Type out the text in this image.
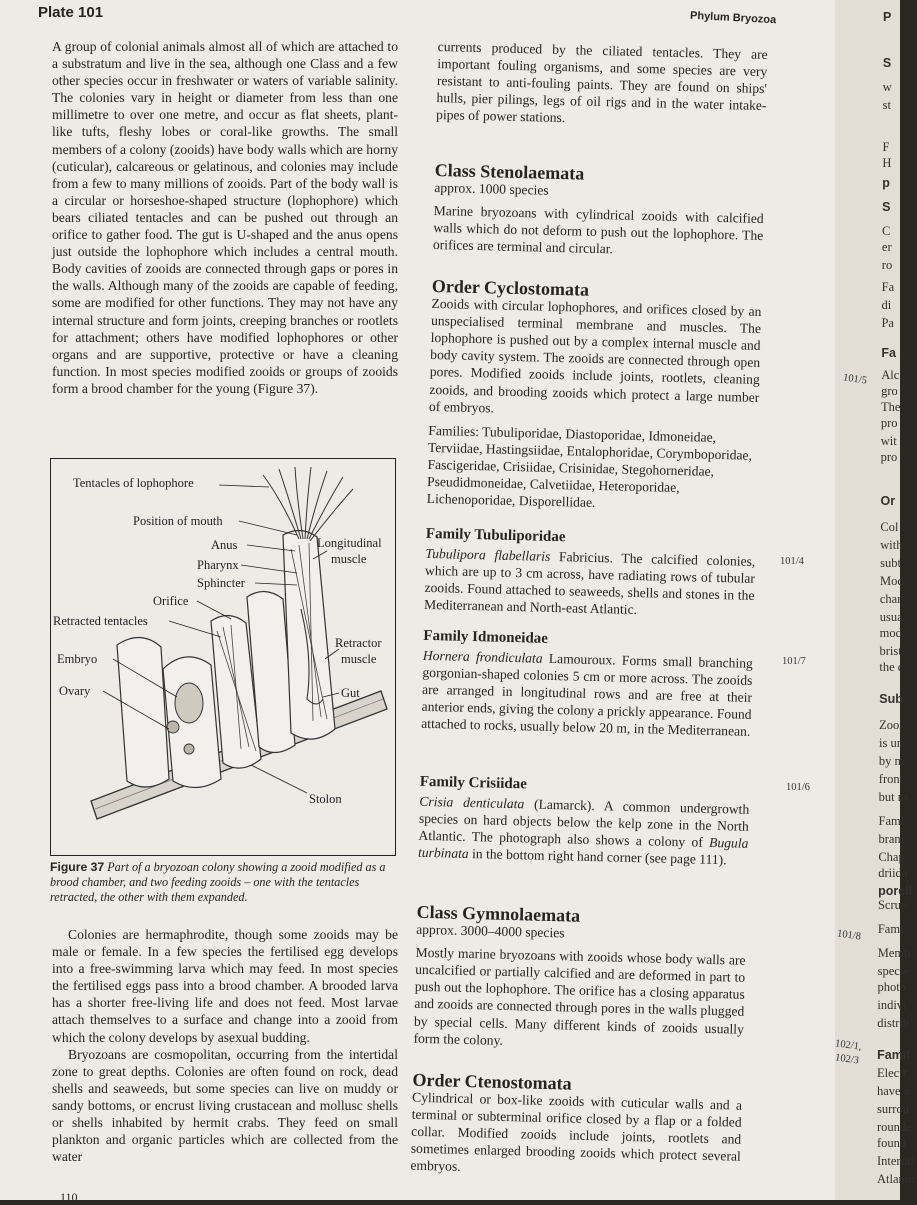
Plate 101	Phylum Bryozoa

A group of colonial animals almost all of which are attached to a substratum and live in the sea, although one Class and a few other species occur in freshwater or waters of variable salinity. The colonies vary in height or diameter from less than one millimetre to over one metre, and occur as flat sheets, plant-like tufts, fleshy lobes or coral-like growths. The small members of a colony (zooids) have body walls which are horny (cuticular), calcareous or gelatinous, and colonies may include from a few to many millions of zooids. Part of the body wall is a circular or horseshoe-shaped structure (lophophore) which bears ciliated tentacles and can be pushed out through an orifice to gather food. The gut is U-shaped and the anus opens just outside the lophophore which includes a central mouth. Body cavities of zooids are connected through gaps or pores in the walls. Although many of the zooids are capable of feeding, some are modified for other functions. They may not have any internal structure and form joints, creeping branches or rootlets for attachment; others have modified lophophores or other organs and are supportive, protective or have a cleaning function. In most species modified zooids or groups of zooids form a brood chamber for the young (Figure 37).

Tentacles of lophophore
Position of mouth
Anus
Pharynx
Sphincter
Orifice
Retracted tentacles
Embryo
Ovary
Longitudinal
muscle
Retractor
muscle
Gut
Stolon
Figure 37 Part of a bryozoan colony showing a zooid modified as a brood chamber, and two feeding zooids – one with the tentacles retracted, the other with them expanded.

Colonies are hermaphrodite, though some zooids may be male or female. In a few species the fertilised egg develops into a free-swimming larva which may feed. In most species the fertilised eggs pass into a brood chamber. A brooded larva has a shorter free-living life and does not feed. Most larvae attach themselves to a surface and change into a zooid from which the colony develops by asexual budding.

Bryozoans are cosmopolitan, occurring from the intertidal zone to great depths. Colonies are often found on rock, dead shells and seaweeds, but some species can live on muddy or sandy bottoms, or encrust living crustacean and mollusc shells or shells inhabited by hermit crabs. They feed on small plankton and organic particles which are collected from the water

currents produced by the ciliated tentacles. They are important fouling organisms, and some species are very resistant to anti-fouling paints. They are found on ships' hulls, pier pilings, legs of oil rigs and in the water intake-pipes of power stations.

Class Stenolaemata
approx. 1000 species

Marine bryozoans with cylindrical zooids with calcified walls which do not deform to push out the lophophore. The orifices are terminal and circular.

Order Cyclostomata

Zooids with circular lophophores, and orifices closed by an unspecialised terminal membrane and muscles. The lophophore is pushed out by a complex internal muscle and body cavity system. The zooids are connected through open pores. Modified zooids include joints, rootlets, cleaning zooids, and brooding zooids which protect a large number of embryos.

Families: Tubuliporidae, Diastoporidae, Idmoneidae, Terviidae, Hastingsiidae, Entalophoridae, Corymboporidae, Fascigeridae, Crisiidae, Crisinidae, Stegohorneridae, Pseudidmoneidae, Calvetiidae, Heteroporidae, Lichenoporidae, Disporellidae.

Family Tubuliporidae

Tubulipora flabellaris Fabricius. The calcified colonies, which are up to 3 cm across, have radiating rows of tubular zooids. Found attached to seaweeds, shells and stones in the Mediterranean and North-east Atlantic.

Family Idmoneidae

Hornera frondiculata Lamouroux. Forms small branching gorgonian-shaped colonies 5 cm or more across. The zooids are arranged in longitudinal rows and are free at their anterior ends, giving the colony a prickly appearance. Found attached to rocks, usually below 20 m, in the Mediterranean.

Family Crisiidae

Crisia denticulata (Lamarck). A common undergrowth species on hard objects below the kelp zone in the North Atlantic. The photograph also shows a colony of Bugula turbinata in the bottom right hand corner (see page 111).

Class Gymnolaemata
approx. 3000–4000 species

Mostly marine bryozoans with zooids whose body walls are uncalcified or partially calcified and are deformed in part to push out the lophophore. The orifice has a closing apparatus and zooids are connected through pores in the walls plugged by special cells. Many different kinds of zooids usually form the colony.

Order Ctenostomata

Cylindrical or box-like zooids with cuticular walls and a terminal or subterminal orifice closed by a flap or a folded collar. Modified zooids include joints, rootlets and sometimes enlarged brooding zooids which protect several embryos.

101/4
101/7
101/6
110
101/5
101/8
102/1,
102/3
P
S
w
st
F
H
p
S
C
er
ro
Fa
di
Pa
Fa
Alc
gro
The
pro
wit
pro
Or
Col
with
subt
Moc
char
usua
mod
brist
the c
Sub
Zooi
is un
by m
front
but m
Fami
brani
Chap
driida
porell
Scrup
Fami
Memb
specie
photo
indivi
distrib
Famil
Electr
have a
surrou
rounde
found
Intertid
Atlantic
